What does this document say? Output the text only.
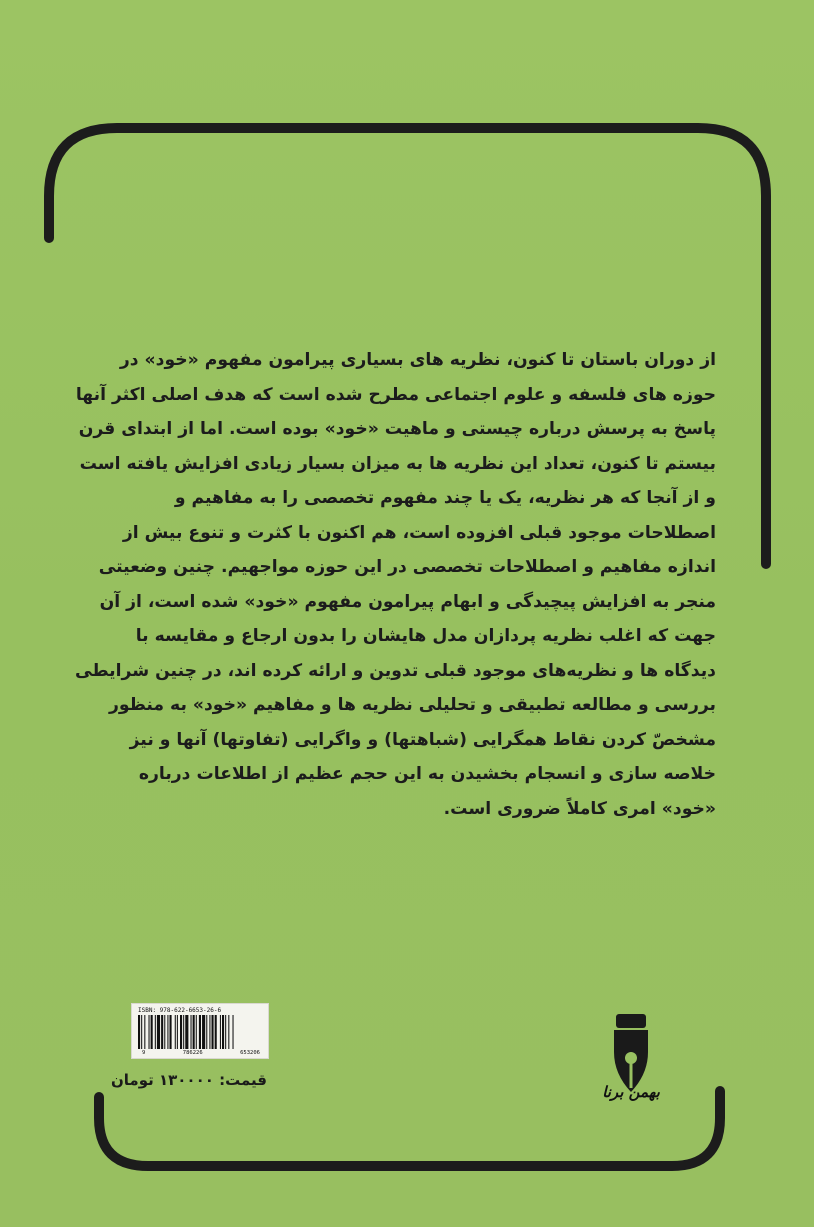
از دوران باستان تا کنون، نظریه های بسیاری پیرامون مفهوم «خود» در
حوزه های فلسفه و علوم اجتماعی مطرح شده است که هدف اصلی اکثر آنها
پاسخ به پرسش درباره چیستی و ماهیت «خود» بوده است. اما از ابتدای قرن
بیستم تا کنون، تعداد این نظریه ها به میزان بسیار زیادی افزایش یافته است
و از آنجا که هر نظریه، یک یا چند مفهوم تخصصی را به مفاهیم و
اصطلاحات موجود قبلی افزوده است، هم اکنون با کثرت و تنوع بیش از
اندازه مفاهیم و اصطلاحات تخصصی در این حوزه مواجهیم. چنین وضعیتی
منجر به افزایش پیچیدگی و ابهام پیرامون مفهوم «خود» شده است، از آن
جهت که اغلب نظریه پردازان مدل هایشان را بدون ارجاع و مقایسه با
دیدگاه ها و نظریه‌های موجود قبلی تدوین و ارائه کرده اند، در چنین شرایطی
بررسی و مطالعه تطبیقی و تحلیلی نظریه ها و مفاهیم «خود» به منظور
مشخصّ کردن نقاط همگرایی (شباهتها) و واگرایی (تفاوتها) آنها و نیز
خلاصه سازی و انسجام بخشیدن به این حجم عظیم از اطلاعات درباره
«خود» امری کاملاً ضروری است.
ISBN: 978-622-6653-26-6
9	786226	653206
قیمت: ۱۳۰۰۰۰ تومان
بهمن برنا
